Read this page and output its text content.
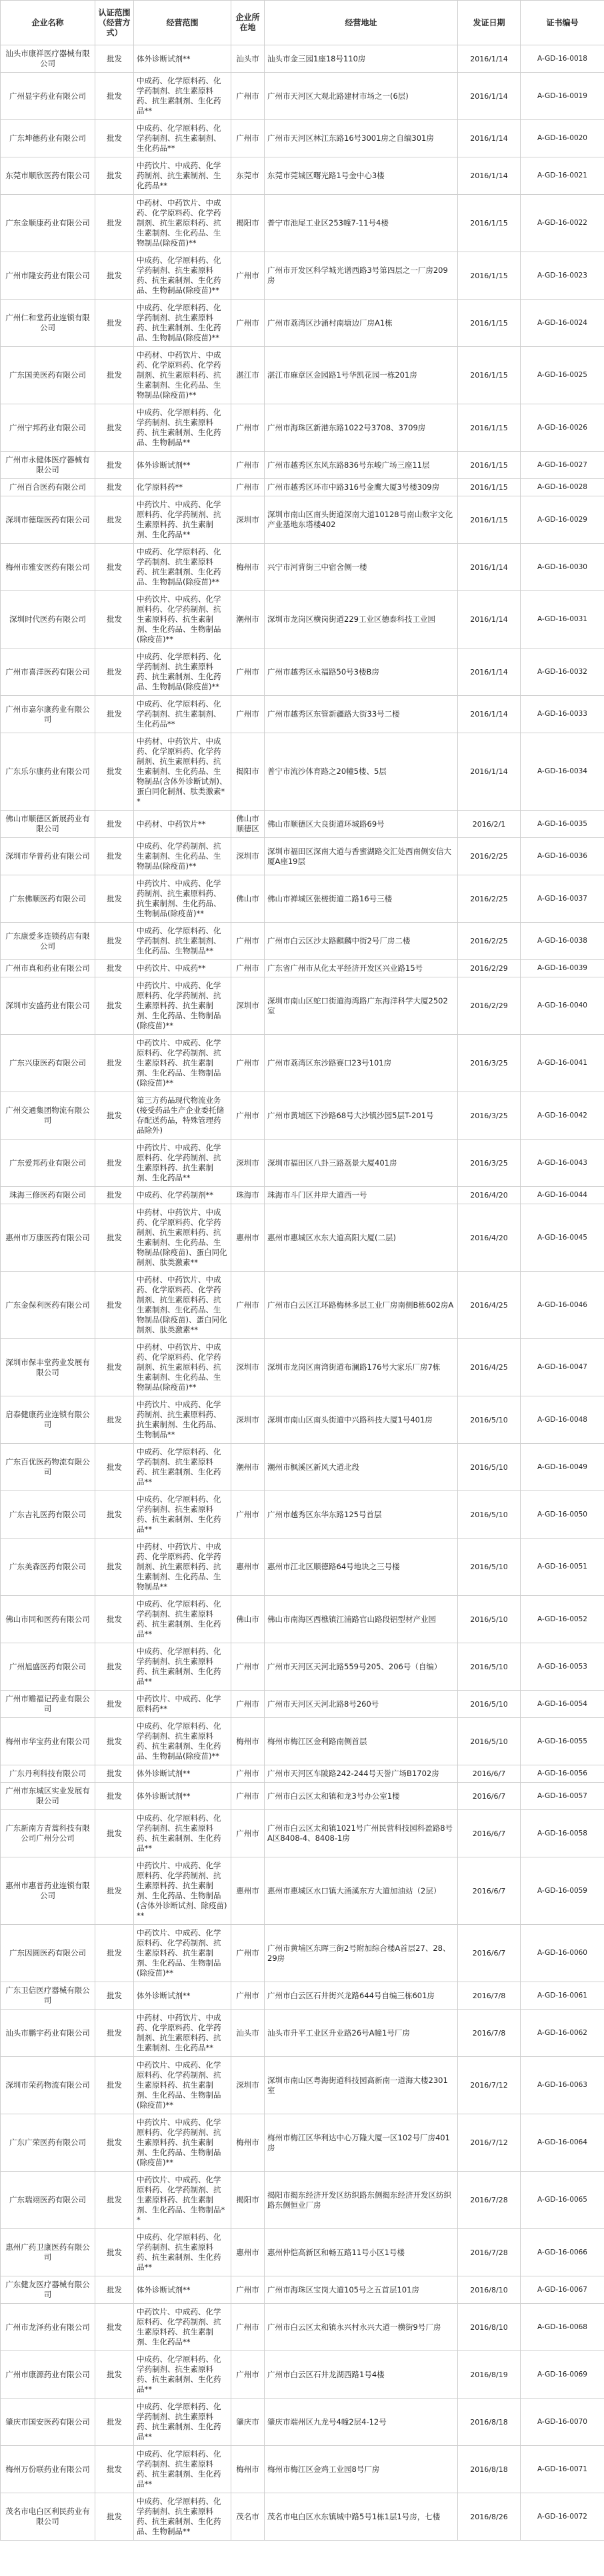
企业名称	认证范围（经营方式）	经营范围	企业所在地	经营地址	发证日期	证书编号
汕头市康祥医疗器械有限公司	批发	体外诊断试剂**	汕头市	汕头市金三园1座18号110房	2016/1/14	A-GD-16-0018
广州显宇药业有限公司	批发	中成药、化学原料药、化学药制剂、抗生素原料药、抗生素制剂、生化药品**	广州市	广州市天河区大观北路建材市场之一(6层)	2016/1/14	A-GD-16-0019
广东坤德药业有限公司	批发	中成药、化学原料药、化学药制剂、抗生素制剂、生化药品**	广州市	广州市天河区林江东路16号3001房之自编301房	2016/1/14	A-GD-16-0020
东莞市顺欣医药有限公司	批发	中药饮片、中成药、化学药制剂、抗生素制剂、生化药品**	东莞市	东莞市莞城区曙光路1号金中心3楼	2016/1/14	A-GD-16-0021
广东金顺康药业有限公司	批发	中药材、中药饮片、中成药、化学原料药、化学药制剂、抗生素原料药、抗生素制剂、生化药品、生物制品(除疫苗)**	揭阳市	普宁市池尾工业区253幢7-11号4楼	2016/1/15	A-GD-16-0022
广州市隆安药业有限公司	批发	中成药、化学原料药、化学药制剂、抗生素原料药、抗生素制剂、生化药品、生物制品(除疫苗)**	广州市	广州市开发区科学城光谱西路3号第四层之一厂房209房	2016/1/15	A-GD-16-0023
广州仁和堂药业连锁有限公司	批发	中成药、化学原料药、化学药制剂、抗生素原料药、抗生素制剂、生化药品、生物制品(除疫苗)**	广州市	广州市荔湾区沙涌村南塘边厂房A1栋	2016/1/15	A-GD-16-0024
广东国美医药有限公司	批发	中药材、中药饮片、中成药、化学原料药、化学药制剂、抗生素原料药、抗生素制剂、生化药品、生物制品(除疫苗)**	湛江市	湛江市麻章区金园路1号华凯花园一栋201房	2016/1/15	A-GD-16-0025
广州宁邦药业有限公司	批发	中成药、化学原料药、化学药制剂、抗生素原料药、抗生素制剂、生化药品、生物制品**	广州市	广州市海珠区新港东路1022号3708、3709房	2016/1/15	A-GD-16-0026
广州市永健体医疗器械有限公司	批发	体外诊断试剂**	广州市	广州市越秀区东风东路836号东峻广场三座11层	2016/1/15	A-GD-16-0027
广州百合医药有限公司	批发	化学原料药**	广州市	广州市越秀区环市中路316号金鹰大厦3号楼309房	2016/1/15	A-GD-16-0028
深圳市德瑞医药有限公司	批发	中药饮片、中成药、化学原料药、化学药制剂、抗生素原料药、抗生素制剂、生化药品**	深圳市	深圳市南山区南头街道深南大道10128号南山数字文化产业基地东塔楼402	2016/1/15	A-GD-16-0029
梅州市雅安医药有限公司	批发	中成药、化学原料药、化学药制剂、抗生素原料药、抗生素制剂、生化药品、生物制品(除疫苗)**	梅州市	兴宁市河背街三中宿舍侧一楼	2016/1/14	A-GD-16-0030
深圳时代医药有限公司	批发	中药饮片、中成药、化学原料药、化学药制剂、抗生素原料药、抗生素制剂、生化药品、生物制品(除疫苗)**	潮州市	深圳市龙岗区横岗街道229工业区德泰科技工业园	2016/1/14	A-GD-16-0031
广州市喜洋医药有限公司	批发	中成药、化学原料药、化学药制剂、抗生素原料药、抗生素制剂、生化药品、生物制品(除疫苗)**	广州市	广州市越秀区永福路50号3楼B房	2016/1/14	A-GD-16-0032
广州市嘉尔康药业有限公司	批发	中成药、化学原料药、化学药制剂、抗生素制剂、生化药品**	广州市	广州市越秀区东管新疆路大街33号二楼	2016/1/14	A-GD-16-0033
广东乐尔康药业有限公司	批发	中药材、中药饮片、中成药、化学原料药、化学药制剂、抗生素原料药、抗生素制剂、生化药品、生物制品(含体外诊断试剂)、蛋白同化制剂、肽类激素**	揭阳市	普宁市流沙体育路之20幢5楼、5层	2016/1/14	A-GD-16-0034
佛山市顺德区新展药业有限公司	批发	中药材、中药饮片**	佛山市顺德区	佛山市顺德区大良街道环城路69号	2016/2/1	A-GD-16-0035
深圳市华普药业有限公司	批发	中成药、化学药制剂、抗生素制剂、生化药品、生物制品(除疫苗)**	深圳市	深圳市福田区深南大道与香蜜湖路交汇处西南侧安信大厦A座19层	2016/2/25	A-GD-16-0036
广东佛顺医药有限公司	批发	中药饮片、中成药、化学药制剂、抗生素原料药、抗生素制剂、生化药品、生物制品(除疫苗)**	佛山市	佛山市禅城区张槎街道二路16号三楼	2016/2/25	A-GD-16-0037
广东康爱多连锁药店有限公司	批发	中成药、化学原料药、化学药制剂、抗生素制剂、生化药品、生物制品**	广州市	广州市白云区沙太路麒麟中街2号厂房二楼	2016/2/25	A-GD-16-0038
广州市真和药业有限公司	批发	中药饮片、中成药**	广州市	广东省广州市从化太平经济开发区兴业路15号	2016/2/29	A-GD-16-0039
深圳市安盛药业有限公司	批发	中药饮片、中成药、化学原料药、化学药制剂、抗生素原料药、抗生素制剂、生化药品、生物制品(除疫苗)**	深圳市	深圳市南山区蛇口街道海湾路广东海洋科学大厦2502室	2016/2/29	A-GD-16-0040
广东兴康医药有限公司	批发	中药饮片、中成药、化学原料药、化学药制剂、抗生素原料药、抗生素制剂、生化药品、生物制品(除疫苗)**	广州市	广州市荔湾区东沙路赛口23号101房	2016/3/25	A-GD-16-0041
广州交通集团物流有限公司	批发	第三方药品现代物流业务(接受药品生产企业委托储存配送药品，特殊管理药品除外)	广州市	广州市黄埔区下沙路68号大沙镇沙园5层T-201号	2016/3/25	A-GD-16-0042
广东爱邦药业有限公司	批发	中药饮片、中成药、化学原料药、化学药制剂、抗生素原料药、抗生素制剂、生化药品**	深圳市	深圳市福田区八卦三路荔景大厦401房	2016/3/25	A-GD-16-0043
珠海三修医药有限公司	批发	中成药、化学药制剂**	珠海市	珠海市斗门区井岸大道西一号	2016/4/20	A-GD-16-0044
惠州市万康医药有限公司	批发	中药材、中药饮片、中成药、化学原料药、化学药制剂、抗生素原料药、抗生素制剂、生化药品、生物制品(除疫苗)、蛋白同化制剂、肽类激素**	惠州市	惠州市惠城区水东大道高阳大厦(二层)	2016/4/20	A-GD-16-0045
广东金保利医药有限公司	批发	中药材、中药饮片、中成药、化学原料药、化学药制剂、抗生素原料药、抗生素制剂、生化药品、生物制品(除疫苗)、蛋白同化制剂、肽类激素**	广州市	广州市白云区江环路梅林多层工业厂房南侧B栋602房A	2016/4/25	A-GD-16-0046
深圳市保丰堂药业发展有限公司	批发	中药材、中药饮片、中成药、化学原料药、化学药制剂、抗生素原料药、抗生素制剂、生化药品、生物制品(除疫苗)**	深圳市	深圳市龙岗区南湾街道布澜路176号大家乐厂房7栋	2016/4/25	A-GD-16-0047
启泰健康药业连锁有限公司	批发	中药饮片、中成药、化学药制剂、抗生素原料药、抗生素制剂、生化药品、生物制品**	深圳市	深圳市南山区南头街道中兴路科技大厦1号401房	2016/5/10	A-GD-16-0048
广东百优医药物流有限公司	批发	中成药、化学原料药、化学药制剂、抗生素原料药、抗生素制剂、生化药品**	潮州市	潮州市枫溪区新风大道北段	2016/5/10	A-GD-16-0049
广东吉礼医药有限公司	批发	中成药、化学原料药、化学药制剂、抗生素原料药、抗生素制剂、生化药品**	广州市	广州市越秀区东华东路125号首层	2016/5/10	A-GD-16-0050
广东美森医药有限公司	批发	中药材、中药饮片、中成药、化学原料药、化学药制剂、抗生素原料药、抗生素制剂、生化药品、生物制品**	惠州市	惠州市江北区顺德路64号地块之三号楼	2016/5/10	A-GD-16-0051
佛山市同和医药有限公司	批发	中成药、化学原料药、化学药制剂、抗生素原料药、抗生素制剂、生化药品**	佛山市	佛山市南海区西樵镇江浦路官山路段铝型材产业园	2016/5/10	A-GD-16-0052
广州旭盛医药有限公司	批发	中成药、化学原料药、化学药制剂、抗生素原料药、抗生素制剂、生化药品**	广州市	广州市天河区天河北路559号205、206号（自编）	2016/5/10	A-GD-16-0053
广州市赡福记药业有限公司	批发	中药饮片、中成药、化学原料药**	广州市	广州市天河区天河北路8号260号	2016/5/10	A-GD-16-0054
梅州市华宝药业有限公司	批发	中成药、化学原料药、化学药制剂、抗生素原料药、抗生素制剂、生化药品、生物制品(除疫苗)**	梅州市	梅州市梅江区金利路南侧首层	2016/5/10	A-GD-16-0055
广东丹利科技有限公司	批发	体外诊断试剂**	广州市	广州市天河区车陂路242-244号天誉广场B1702房	2016/6/7	A-GD-16-0056
广州市东城区实业发展有限公司	批发	体外诊断试剂**	广州市	广州市白云区太和镇和龙3号办公室1楼	2016/6/7	A-GD-16-0057
广东新南方青蒿科技有限公司广州分公司	批发	中成药、化学原料药、化学药制剂、抗生素原料药、抗生素制剂、生化药品**	广州市	广州市白云区太和镇1021号广州民营科技园科盈路8号A区8408-4、8408-1房	2016/6/7	A-GD-16-0058
惠州市惠普药业连锁有限公司	批发	中药饮片、中成药、化学原料药、化学药制剂、抗生素原料药、抗生素制剂、生化药品、生物制品(含体外诊断试剂、除疫苗)**	惠州市	惠州市惠城区水口镇大涌溪东方大道加油站（2层）	2016/6/7	A-GD-16-0059
广东因圆医药有限公司	批发	中药饮片、中成药、化学原料药、化学药制剂、抗生素原料药、抗生素制剂、生化药品、生物制品(除疫苗)**	广州市	广州市黄埔区东晖三街2号附加综合楼A首层27、28、29房	2016/6/7	A-GD-16-0060
广东卫信医疗器械有限公司	批发	体外诊断试剂**	广州市	广州市白云区石井街兴龙路644号自编三栋601房	2016/7/8	A-GD-16-0061
汕头市鹏宇药业有限公司	批发	中药材、中药饮片、中成药、化学原料药、化学药制剂、抗生素原料药、抗生素制剂、生化药品**	汕头市	汕头市升平工业区升业路26号A幢1号厂房	2016/7/8	A-GD-16-0062
深圳市荣药物流有限公司	批发	中药饮片、中成药、化学原料药、化学药制剂、抗生素原料药、抗生素制剂、生化药品、生物制品(除疫苗)**	深圳市	深圳市南山区粤海街道科技园高新南一道海大楼2301室	2016/7/12	A-GD-16-0063
广东广荣医药有限公司	批发	中药饮片、中成药、化学原料药、化学药制剂、抗生素原料药、抗生素制剂、生化药品、生物制品(除疫苗)**	梅州市	梅州市梅江区华利达中心万隆大厦一区102号厂房401房	2016/7/12	A-GD-16-0064
广东瑞翊医药有限公司	批发	中药饮片、中成药、化学原料药、化学药制剂、抗生素原料药、抗生素制剂、生化药品、生物制品**	揭阳市	揭阳市揭东经济开发区纺织路东侧揭东经济开发区纺织路东侧恒业厂房	2016/7/28	A-GD-16-0065
惠州广药卫康医药有限公司	批发	中成药、化学原料药、化学药制剂、抗生素原料药、抗生素制剂、生化药品**	惠州市	惠州仲恺高新区和畅五路11号小区1号楼	2016/7/28	A-GD-16-0066
广东健友医疗器械有限公司	批发	体外诊断试剂**	广州市	广州市海珠区宝岗大道105号之五首层101房	2016/8/10	A-GD-16-0067
广州市龙泽药业有限公司	批发	中药饮片、中成药、化学原料药、化学药制剂、抗生素原料药、抗生素制剂、生化药品**	广州市	广州市白云区太和镇永兴村永兴大道一横街9号厂房	2016/8/10	A-GD-16-0068
广州市康源药业有限公司	批发	中成药、化学原料药、化学药制剂、抗生素原料药、抗生素制剂、生化药品**	广州市	广州市白云区石井龙湖西路1号4楼	2016/8/19	A-GD-16-0069
肇庆市国安医药有限公司	批发	中成药、化学原料药、化学药制剂、抗生素原料药、抗生素制剂、生化药品**	肇庆市	肇庆市端州区九龙号4幢2层4-12号	2016/8/18	A-GD-16-0070
梅州万份联药业有限公司	批发	中成药、化学原料药、化学药制剂、抗生素原料药、抗生素制剂、生化药品**	梅州市	梅州市梅江区金鸡工业园8号厂房	2016/8/18	A-GD-16-0071
茂名市电白区利民药业有限公司	批发	中成药、化学原料药、化学药制剂、抗生素原料药、抗生素制剂、生化药品、生物制品**	茂名市	茂名市电白区水东镇城中路5号1栋1层1号房，七楼	2016/8/26	A-GD-16-0072
